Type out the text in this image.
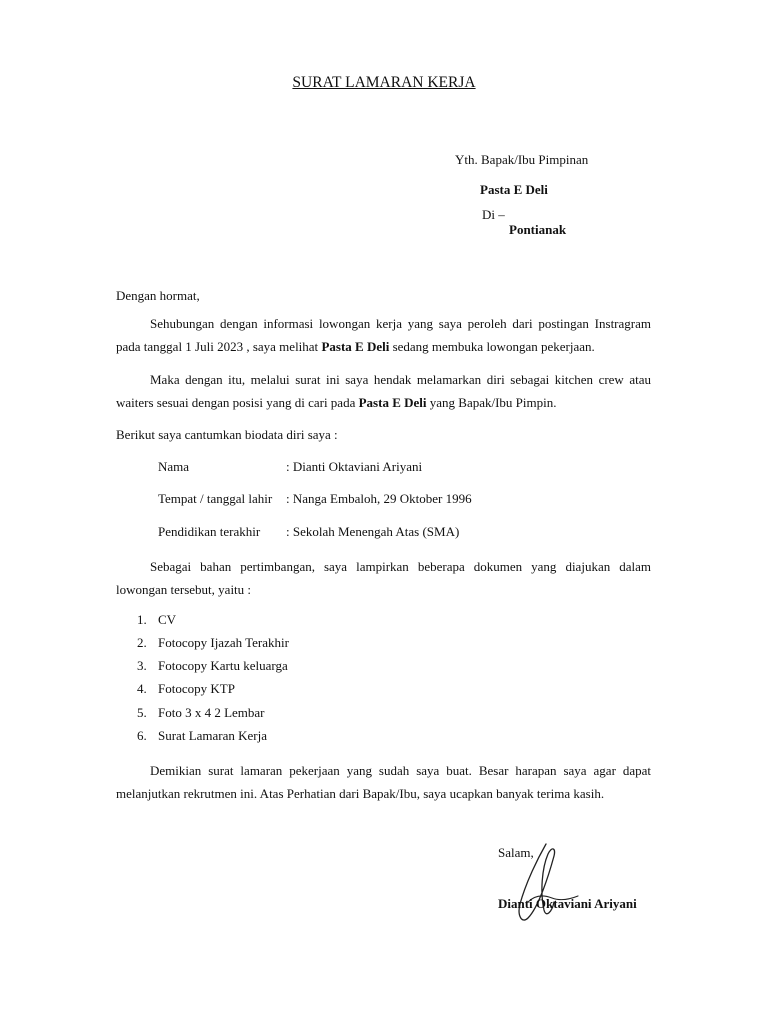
SURAT LAMARAN KERJA
Yth. Bapak/Ibu Pimpinan
Pasta E Deli
Di –
Pontianak
Dengan hormat,
Sehubungan dengan informasi lowongan kerja yang saya peroleh dari postingan Instragram pada tanggal 1 Juli 2023 , saya melihat Pasta E Deli sedang membuka lowongan pekerjaan.
Maka dengan itu, melalui surat ini saya hendak melamarkan diri sebagai kitchen crew atau waiters sesuai dengan posisi yang di cari pada Pasta E Deli yang Bapak/Ibu Pimpin.
Berikut saya cantumkan biodata diri saya :
Nama	: Dianti Oktaviani Ariyani
Tempat / tanggal lahir : Nanga Embaloh, 29 Oktober 1996
Pendidikan terakhir : Sekolah Menengah Atas (SMA)
Sebagai bahan pertimbangan, saya lampirkan beberapa dokumen yang diajukan dalam lowongan tersebut, yaitu :
1. CV
2. Fotocopy Ijazah Terakhir
3. Fotocopy Kartu keluarga
4. Fotocopy KTP
5. Foto 3 x 4 2 Lembar
6. Surat Lamaran Kerja
Demikian surat lamaran pekerjaan yang sudah saya buat. Besar harapan saya agar dapat melanjutkan rekrutmen ini. Atas Perhatian dari Bapak/Ibu, saya ucapkan banyak terima kasih.
Salam,
Dianti Oktaviani Ariyani
